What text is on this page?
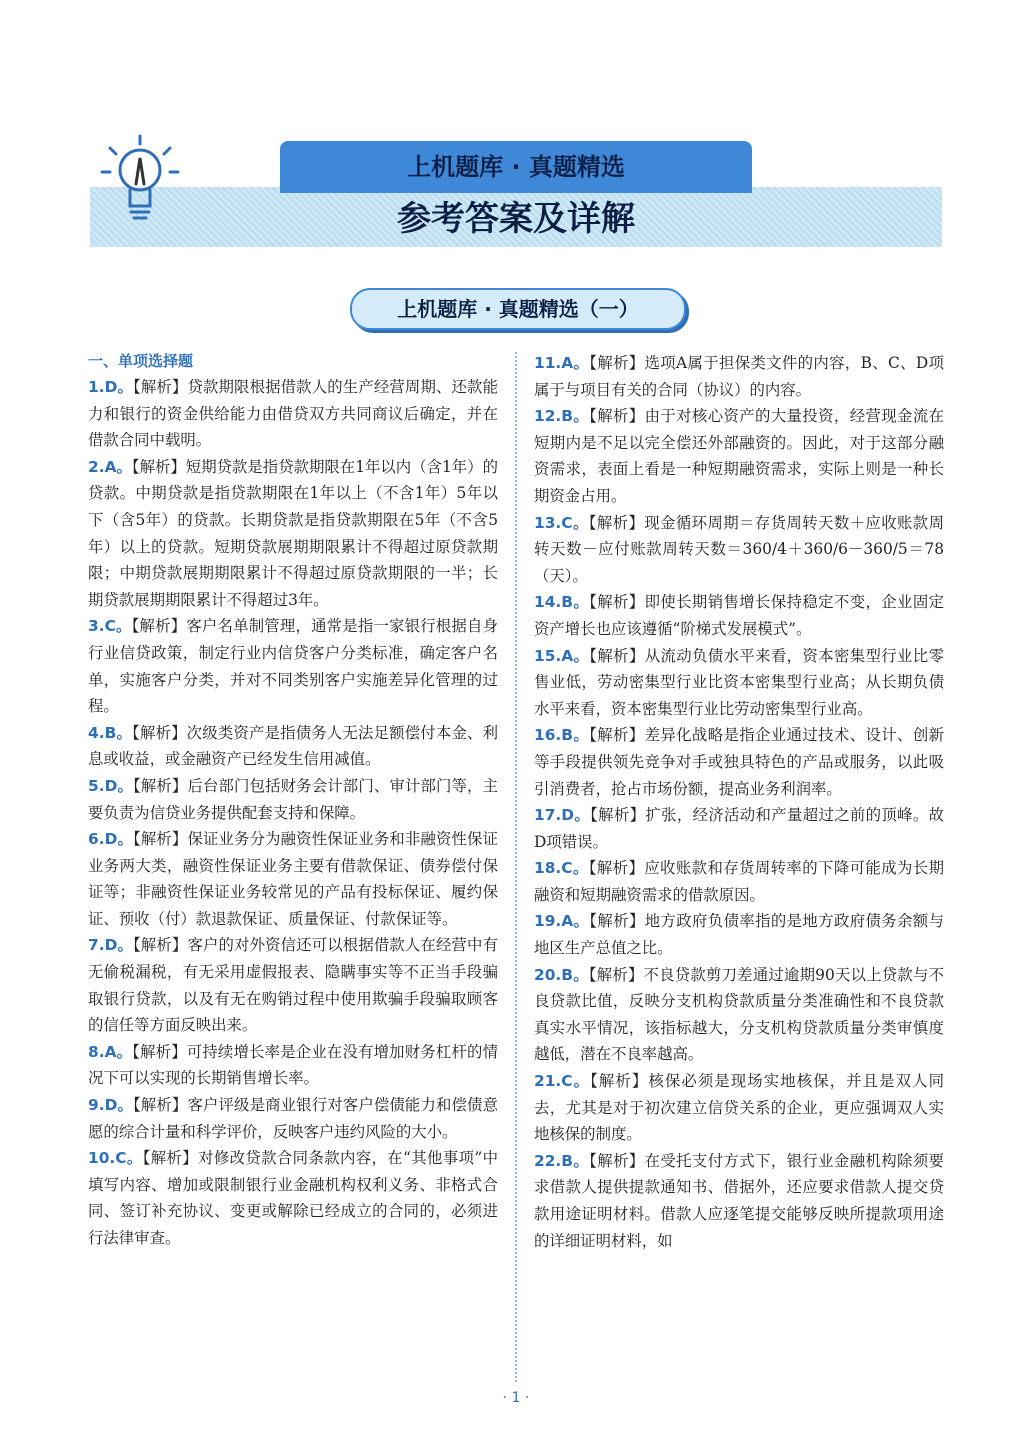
上机题库 · 真题精选
参考答案及详解
上机题库 · 真题精选（一）
一、单项选择题
1.D。【解析】贷款期限根据借款人的生产经营周期、还款能力和银行的资金供给能力由借贷双方共同商议后确定，并在借款合同中载明。
2.A。【解析】短期贷款是指贷款期限在1年以内（含1年）的贷款。中期贷款是指贷款期限在1年以上（不含1年）5年以下（含5年）的贷款。长期贷款是指贷款期限在5年（不含5年）以上的贷款。短期贷款展期期限累计不得超过原贷款期限；中期贷款展期期限累计不得超过原贷款期限的一半；长期贷款展期期限累计不得超过3年。
3.C。【解析】客户名单制管理，通常是指一家银行根据自身行业信贷政策，制定行业内信贷客户分类标准，确定客户名单，实施客户分类，并对不同类别客户实施差异化管理的过程。
4.B。【解析】次级类资产是指债务人无法足额偿付本金、利息或收益，或金融资产已经发生信用减值。
5.D。【解析】后台部门包括财务会计部门、审计部门等，主要负责为信贷业务提供配套支持和保障。
6.D。【解析】保证业务分为融资性保证业务和非融资性保证业务两大类，融资性保证业务主要有借款保证、债券偿付保证等；非融资性保证业务较常见的产品有投标保证、履约保证、预收（付）款退款保证、质量保证、付款保证等。
7.D。【解析】客户的对外资信还可以根据借款人在经营中有无偷税漏税，有无采用虚假报表、隐瞒事实等不正当手段骗取银行贷款，以及有无在购销过程中使用欺骗手段骗取顾客的信任等方面反映出来。
8.A。【解析】可持续增长率是企业在没有增加财务杠杆的情况下可以实现的长期销售增长率。
9.D。【解析】客户评级是商业银行对客户偿债能力和偿债意愿的综合计量和科学评价，反映客户违约风险的大小。
10.C。【解析】对修改贷款合同条款内容，在“其他事项”中填写内容、增加或限制银行业金融机构权利义务、非格式合同、签订补充协议、变更或解除已经成立的合同的，必须进行法律审查。
11.A。【解析】选项A属于担保类文件的内容，B、C、D项属于与项目有关的合同（协议）的内容。
12.B。【解析】由于对核心资产的大量投资，经营现金流在短期内是不足以完全偿还外部融资的。因此，对于这部分融资需求，表面上看是一种短期融资需求，实际上则是一种长期资金占用。
13.C。【解析】现金循环周期＝存货周转天数＋应收账款周转天数－应付账款周转天数＝360/4＋360/6－360/5＝78（天）。
14.B。【解析】即使长期销售增长保持稳定不变，企业固定资产增长也应该遵循“阶梯式发展模式”。
15.A。【解析】从流动负债水平来看，资本密集型行业比零售业低，劳动密集型行业比资本密集型行业高；从长期负债水平来看，资本密集型行业比劳动密集型行业高。
16.B。【解析】差异化战略是指企业通过技术、设计、创新等手段提供领先竞争对手或独具特色的产品或服务，以此吸引消费者，抢占市场份额，提高业务利润率。
17.D。【解析】扩张，经济活动和产量超过之前的顶峰。故D项错误。
18.C。【解析】应收账款和存货周转率的下降可能成为长期融资和短期融资需求的借款原因。
19.A。【解析】地方政府负债率指的是地方政府债务余额与地区生产总值之比。
20.B。【解析】不良贷款剪刀差通过逾期90天以上贷款与不良贷款比值，反映分支机构贷款质量分类准确性和不良贷款真实水平情况，该指标越大，分支机构贷款质量分类审慎度越低，潜在不良率越高。
21.C。【解析】核保必须是现场实地核保，并且是双人同去，尤其是对于初次建立信贷关系的企业，更应强调双人实地核保的制度。
22.B。【解析】在受托支付方式下，银行业金融机构除须要求借款人提供提款通知书、借据外，还应要求借款人提交贷款用途证明材料。借款人应逐笔提交能够反映所提款项用途的详细证明材料，如
· 1 ·
